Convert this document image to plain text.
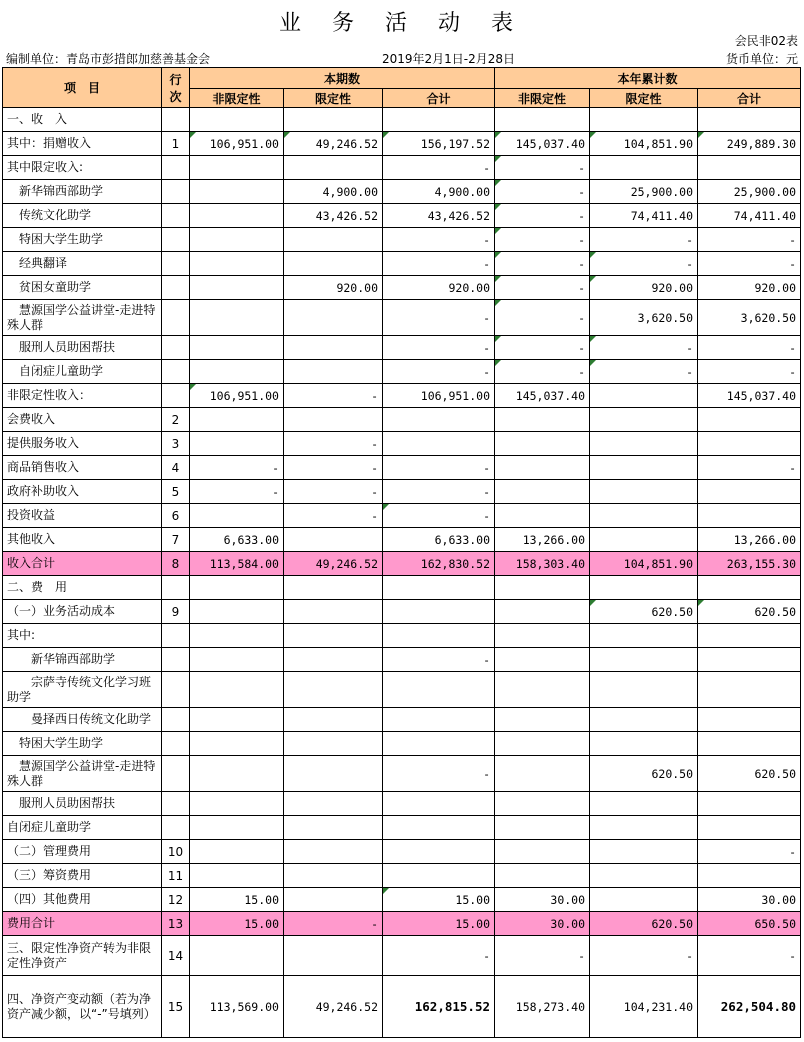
业 务 活 动 表
会民非02表
编制单位：青岛市彭措郎加慈善基金会	2019年2月1日-2月28日	货币单位：元
项　目	行次	本期数			本年累计数		
		非限定性	限定性	合计	非限定性	限定性	合计
一、收　入							
其中：捐赠收入	1	106,951.00	49,246.52	156,197.52	145,037.40	104,851.90	249,889.30
其中限定收入:				-	-		
　新华锦西部助学			4,900.00	4,900.00	-	25,900.00	25,900.00
　传统文化助学			43,426.52	43,426.52	-	74,411.40	74,411.40
　特困大学生助学				-	-	-	-
　经典翻译				-	-	-	-
　贫困女童助学			920.00	920.00	-	920.00	920.00
　慧源国学公益讲堂-走进特殊人群				-	-	3,620.50	3,620.50
　服刑人员助困帮扶				-	-	-	-
　自闭症儿童助学				-	-	-	-
非限定性收入：		106,951.00	-	106,951.00	145,037.40		145,037.40
会费收入	2						
提供服务收入	3		-				
商品销售收入	4	-	-	-			-
政府补助收入	5	-	-	-			
投资收益	6		-	-			
其他收入	7	6,633.00		6,633.00	13,266.00		13,266.00
收入合计	8	113,584.00	49,246.52	162,830.52	158,303.40	104,851.90	263,155.30
二、费　用							
（一）业务活动成本	9					620.50	620.50
其中:							
　　新华锦西部助学				-			
　　宗萨寺传统文化学习班助学							
　　曼择西日传统文化助学							
　特困大学生助学							
　慧源国学公益讲堂-走进特殊人群				-		620.50	620.50
　服刑人员助困帮扶							
自闭症儿童助学							
（二）管理费用	10						-
（三）筹资费用	11						
（四）其他费用	12	15.00		15.00	30.00		30.00
费用合计	13	15.00	-	15.00	30.00	620.50	650.50
三、限定性净资产转为非限定性净资产	14			-	-	-	-
四、净资产变动额（若为净资产减少额，以“-”号填列）	15	113,569.00	49,246.52	162,815.52	158,273.40	104,231.40	262,504.80
